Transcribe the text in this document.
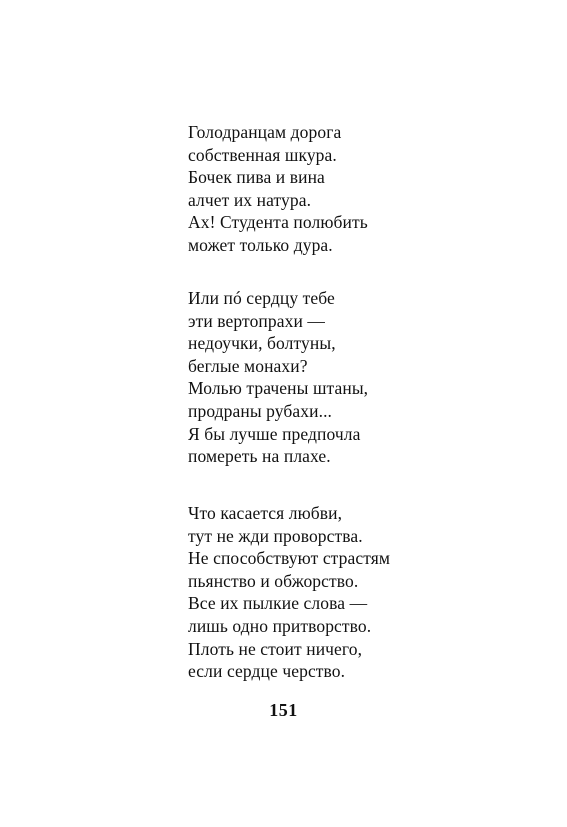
Голодранцам дорога
собственная шкура.
Бочек пива и вина
алчет их натура.
Ах! Студента полюбить
может только дура.
Или пó сердцу тебе
эти вертопрахи —
недоучки, болтуны,
беглые монахи?
Молью трачены штаны,
продраны рубахи...
Я бы лучше предпочла
помереть на плахе.
Что касается любви,
тут не жди проворства.
Не способствуют страстям
пьянство и обжорство.
Все их пылкие слова —
лишь одно притворство.
Плоть не стоит ничего,
если сердце черство.
151
